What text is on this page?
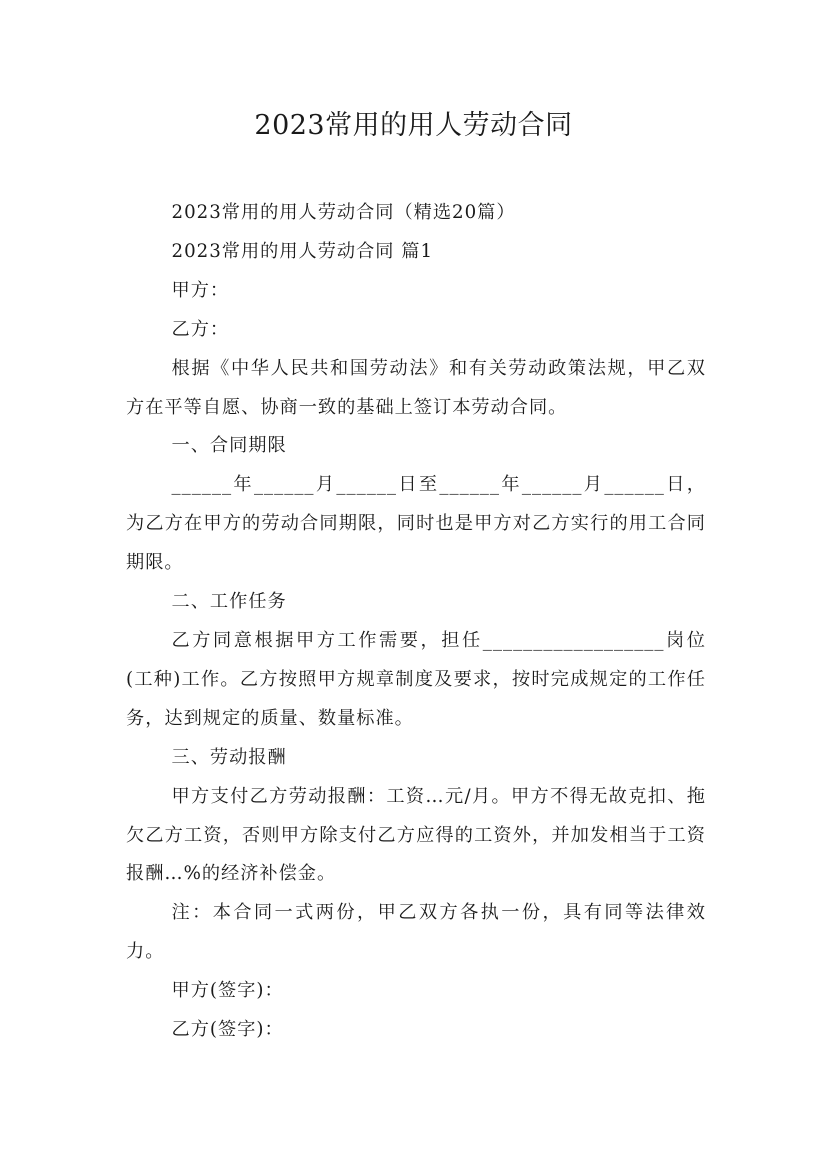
2023常用的用人劳动合同

2023常用的用人劳动合同（精选20篇）

2023常用的用人劳动合同 篇1

甲方：

乙方：

根据《中华人民共和国劳动法》和有关劳动政策法规，甲乙双方在平等自愿、协商一致的基础上签订本劳动合同。

一、合同期限

______年______月______日至______年______月______日，为乙方在甲方的劳动合同期限，同时也是甲方对乙方实行的用工合同期限。

二、工作任务

乙方同意根据甲方工作需要，担任__________________岗位(工种)工作。乙方按照甲方规章制度及要求，按时完成规定的工作任务，达到规定的质量、数量标准。

三、劳动报酬

甲方支付乙方劳动报酬：工资…元/月。甲方不得无故克扣、拖欠乙方工资，否则甲方除支付乙方应得的工资外，并加发相当于工资报酬…%的经济补偿金。

注：本合同一式两份，甲乙双方各执一份，具有同等法律效力。

甲方(签字)：

乙方(签字)：
